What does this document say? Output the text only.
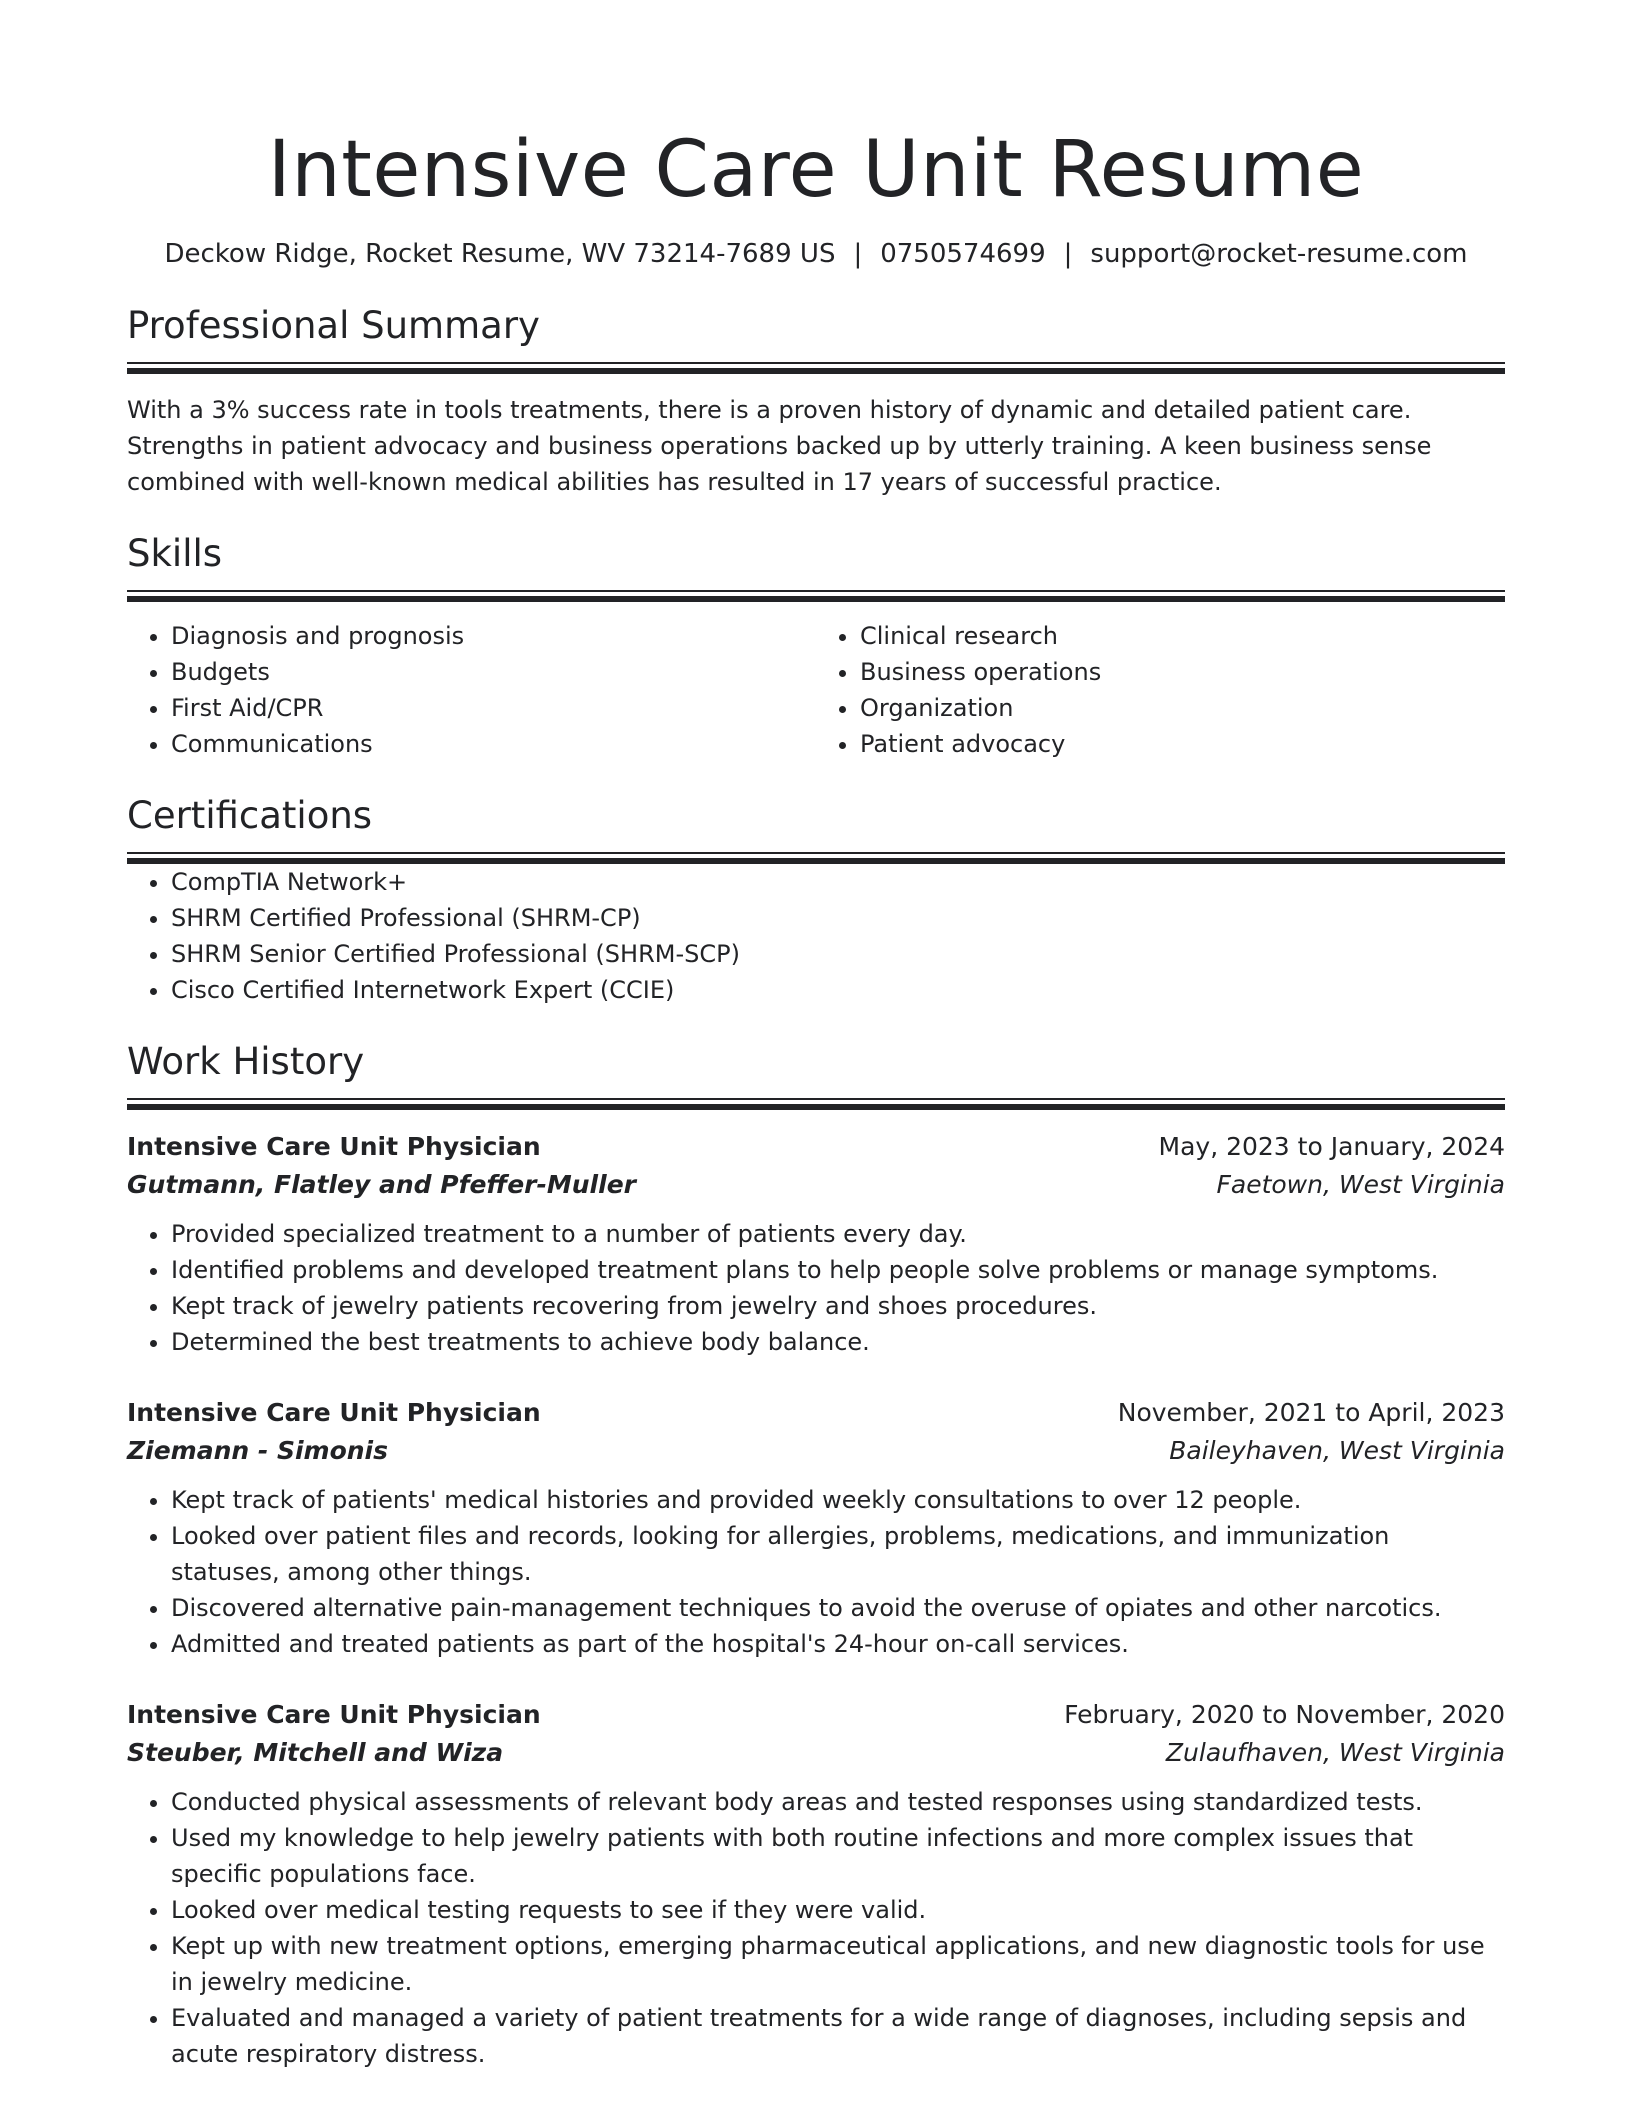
Intensive Care Unit Resume
Deckow Ridge, Rocket Resume, WV 73214-7689 US | 0750574699 | support@rocket-resume.com
Professional Summary

With a 3% success rate in tools treatments, there is a proven history of dynamic and detailed patient care. Strengths in patient advocacy and business operations backed up by utterly training. A keen business sense combined with well-known medical abilities has resulted in 17 years of successful practice.

Skills
• Diagnosis and prognosis
• Budgets
• First Aid/CPR
• Communications
• Clinical research
• Business operations
• Organization
• Patient advocacy
Certifications
• CompTIA Network+
• SHRM Certified Professional (SHRM-CP)
• SHRM Senior Certified Professional (SHRM-SCP)
• Cisco Certified Internetwork Expert (CCIE)
Work History
Intensive Care Unit Physician	May, 2023 to January, 2024
Gutmann, Flatley and Pfeffer-Muller	Faetown, West Virginia
• Provided specialized treatment to a number of patients every day.
• Identified problems and developed treatment plans to help people solve problems or manage symptoms.
• Kept track of jewelry patients recovering from jewelry and shoes procedures.
• Determined the best treatments to achieve body balance.
Intensive Care Unit Physician	November, 2021 to April, 2023
Ziemann - Simonis	Baileyhaven, West Virginia
• Kept track of patients' medical histories and provided weekly consultations to over 12 people.
• Looked over patient files and records, looking for allergies, problems, medications, and immunization statuses, among other things.
• Discovered alternative pain-management techniques to avoid the overuse of opiates and other narcotics.
• Admitted and treated patients as part of the hospital's 24-hour on-call services.
Intensive Care Unit Physician	February, 2020 to November, 2020
Steuber, Mitchell and Wiza	Zulaufhaven, West Virginia
• Conducted physical assessments of relevant body areas and tested responses using standardized tests.
• Used my knowledge to help jewelry patients with both routine infections and more complex issues that specific populations face.
• Looked over medical testing requests to see if they were valid.
• Kept up with new treatment options, emerging pharmaceutical applications, and new diagnostic tools for use in jewelry medicine.
• Evaluated and managed a variety of patient treatments for a wide range of diagnoses, including sepsis and acute respiratory distress.
